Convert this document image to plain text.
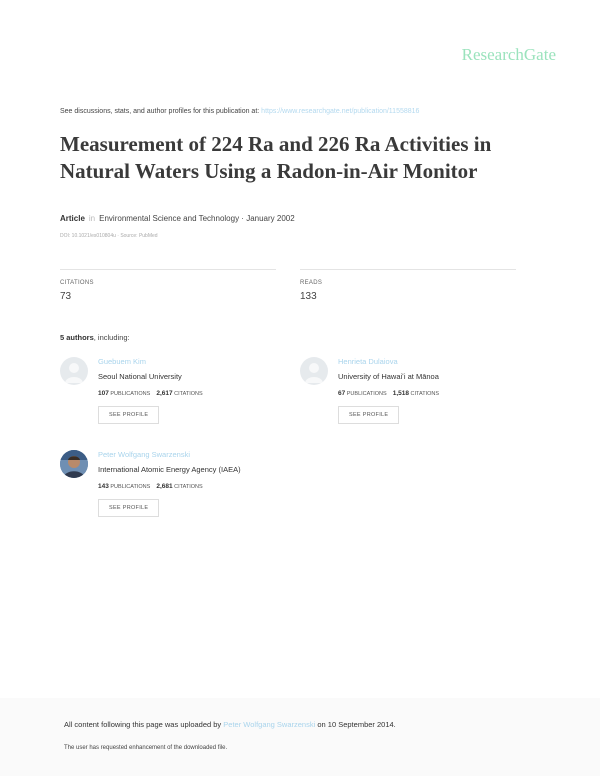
ResearchGate
See discussions, stats, and author profiles for this publication at: https://www.researchgate.net/publication/11558816
Measurement of 224 Ra and 226 Ra Activities in Natural Waters Using a Radon-in-Air Monitor
Article in Environmental Science and Technology · January 2002
DOI: 10.1021/es010804u · Source: PubMed
CITATIONS
73
READS
133
5 authors, including:
Guebuem Kim
Seoul National University
107 PUBLICATIONS 2,617 CITATIONS
SEE PROFILE
Henrieta Dulaiova
University of Hawaiʻi at Mānoa
67 PUBLICATIONS 1,518 CITATIONS
SEE PROFILE
Peter Wolfgang Swarzenski
International Atomic Energy Agency (IAEA)
143 PUBLICATIONS 2,681 CITATIONS
SEE PROFILE
All content following this page was uploaded by Peter Wolfgang Swarzenski on 10 September 2014.
The user has requested enhancement of the downloaded file.
